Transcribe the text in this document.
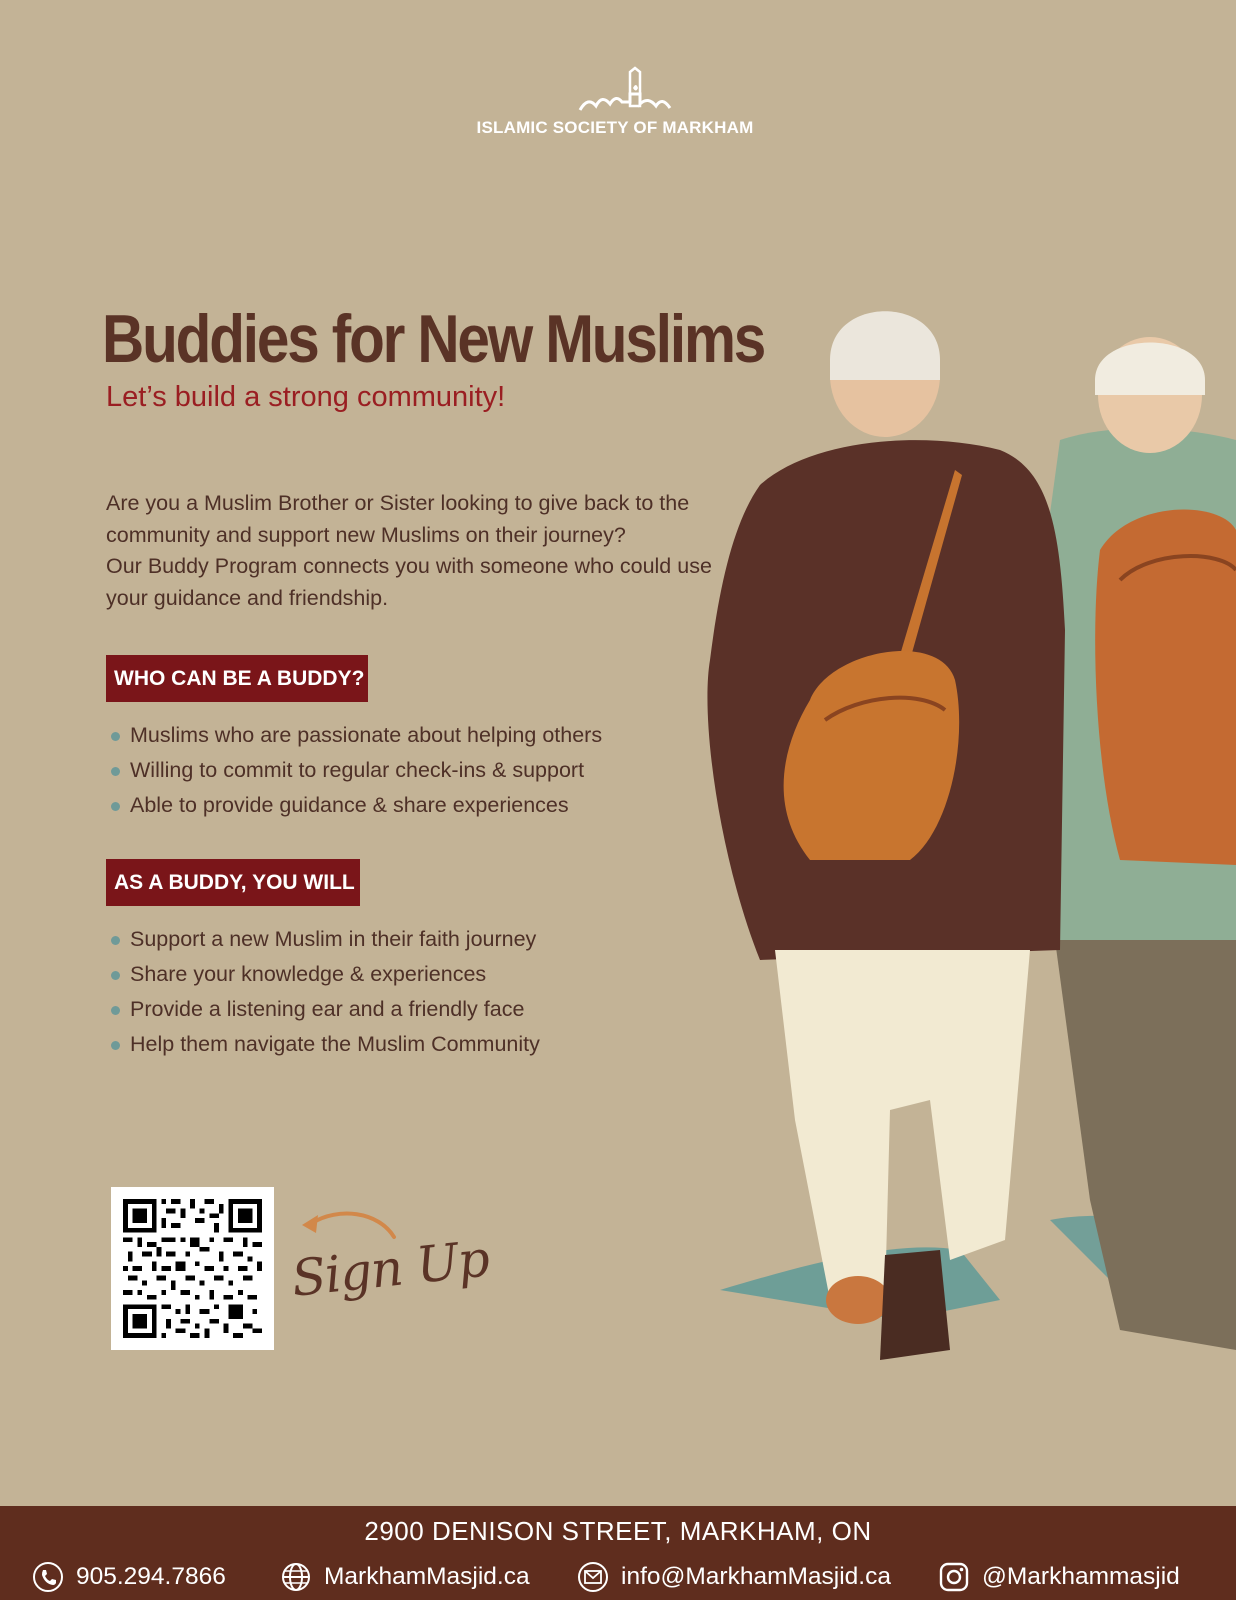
ISLAMIC SOCIETY OF MARKHAM
Buddies for New Muslims
Let’s build a strong community!

Are you a Muslim Brother or Sister looking to give back to the community and support new Muslims on their journey?

Our Buddy Program connects you with someone who could use your guidance and friendship.

WHO CAN BE A BUDDY?
Muslims who are passionate about helping others
Willing to commit to regular check-ins & support
Able to provide guidance & share experiences
AS A BUDDY, YOU WILL
Support a new Muslim in their faith journey
Share your knowledge & experiences
Provide a listening ear and a friendly face
Help them navigate the Muslim Community
Sign Up
2900 DENISON STREET, MARKHAM, ON
905.294.7866	MarkhamMasjid.ca	info@MarkhamMasjid.ca	@Markhammasjid
